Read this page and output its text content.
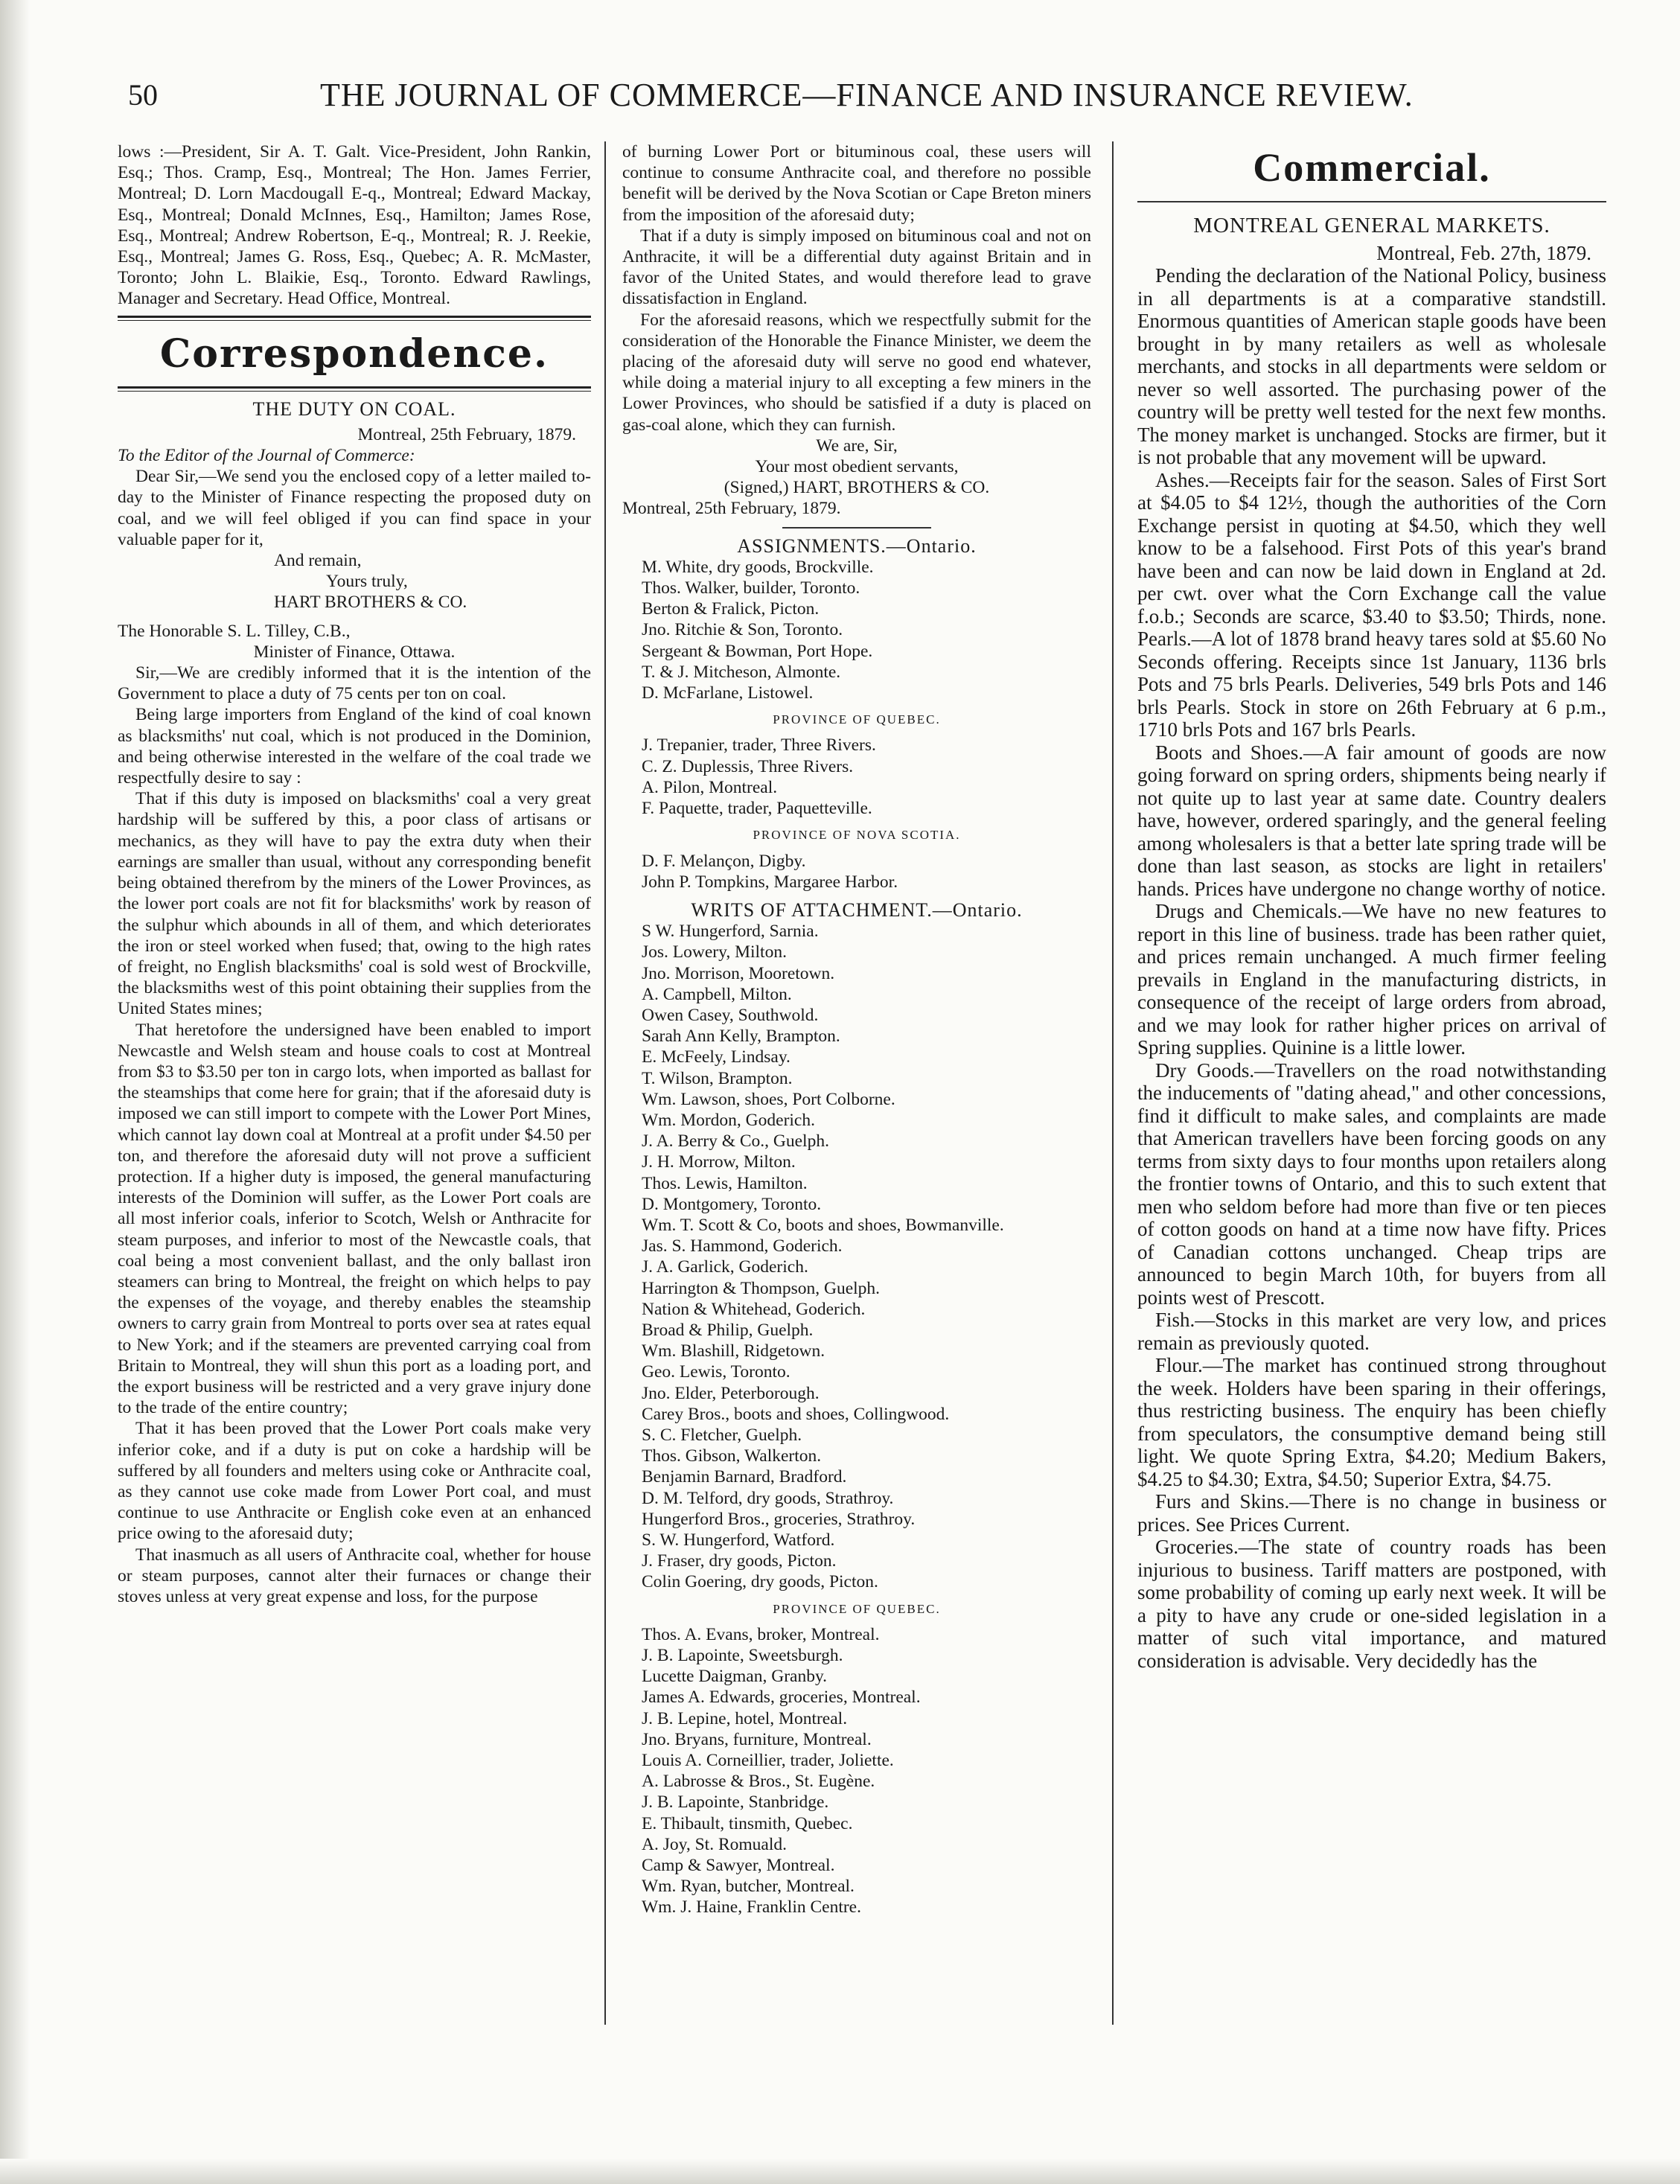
50	THE JOURNAL OF COMMERCE—FINANCE AND INSURANCE REVIEW.

lows :—President, Sir A. T. Galt. Vice-President, John Rankin, Esq.; Thos. Cramp, Esq., Montreal; The Hon. James Ferrier, Montreal; D. Lorn Macdougall E-q., Montreal; Edward Mackay, Esq., Montreal; Donald McInnes, Esq., Hamilton; James Rose, Esq., Montreal; Andrew Robertson, E-q., Montreal; R. J. Reekie, Esq., Montreal; James G. Ross, Esq., Quebec; A. R. McMaster, Toronto; John L. Blaikie, Esq., Toronto. Edward Rawlings, Manager and Secretary. Head Office, Montreal.

Correspondence.
THE DUTY ON COAL.
Montreal, 25th February, 1879.

To the Editor of the Journal of Commerce:

Dear Sir,—We send you the enclosed copy of a letter mailed to-day to the Minister of Finance respecting the proposed duty on coal, and we will feel obliged if you can find space in your valuable paper for it,

And remain,

Yours truly,

HART BROTHERS & CO.

The Honorable S. L. Tilley, C.B.,

Minister of Finance, Ottawa.

Sir,—We are credibly informed that it is the intention of the Government to place a duty of 75 cents per ton on coal.

Being large importers from England of the kind of coal known as blacksmiths' nut coal, which is not produced in the Dominion, and being otherwise interested in the welfare of the coal trade we respectfully desire to say :

That if this duty is imposed on blacksmiths' coal a very great hardship will be suffered by this, a poor class of artisans or mechanics, as they will have to pay the extra duty when their earnings are smaller than usual, without any corresponding benefit being obtained therefrom by the miners of the Lower Provinces, as the lower port coals are not fit for blacksmiths' work by reason of the sulphur which abounds in all of them, and which deteriorates the iron or steel worked when fused; that, owing to the high rates of freight, no English blacksmiths' coal is sold west of Brockville, the blacksmiths west of this point obtaining their supplies from the United States mines;

That heretofore the undersigned have been enabled to import Newcastle and Welsh steam and house coals to cost at Montreal from $3 to $3.50 per ton in cargo lots, when imported as ballast for the steamships that come here for grain; that if the aforesaid duty is imposed we can still import to compete with the Lower Port Mines, which cannot lay down coal at Montreal at a profit under $4.50 per ton, and therefore the aforesaid duty will not prove a sufficient protection. If a higher duty is imposed, the general manufacturing interests of the Dominion will suffer, as the Lower Port coals are all most inferior coals, inferior to Scotch, Welsh or Anthracite for steam purposes, and inferior to most of the Newcastle coals, that coal being a most convenient ballast, and the only ballast iron steamers can bring to Montreal, the freight on which helps to pay the expenses of the voyage, and thereby enables the steamship owners to carry grain from Montreal to ports over sea at rates equal to New York; and if the steamers are prevented carrying coal from Britain to Montreal, they will shun this port as a loading port, and the export business will be restricted and a very grave injury done to the trade of the entire country;

That it has been proved that the Lower Port coals make very inferior coke, and if a duty is put on coke a hardship will be suffered by all founders and melters using coke or Anthracite coal, as they cannot use coke made from Lower Port coal, and must continue to use Anthracite or English coke even at an enhanced price owing to the aforesaid duty;

That inasmuch as all users of Anthracite coal, whether for house or steam purposes, cannot alter their furnaces or change their stoves unless at very great expense and loss, for the purpose

of burning Lower Port or bituminous coal, these users will continue to consume Anthracite coal, and therefore no possible benefit will be derived by the Nova Scotian or Cape Breton miners from the imposition of the aforesaid duty;

That if a duty is simply imposed on bituminous coal and not on Anthracite, it will be a differential duty against Britain and in favor of the United States, and would therefore lead to grave dissatisfaction in England.

For the aforesaid reasons, which we respectfully submit for the consideration of the Honorable the Finance Minister, we deem the placing of the aforesaid duty will serve no good end whatever, while doing a material injury to all excepting a few miners in the Lower Provinces, who should be satisfied if a duty is placed on gas-coal alone, which they can furnish.

We are, Sir,

Your most obedient servants,

(Signed,) HART, BROTHERS & CO.

Montreal, 25th February, 1879.

ASSIGNMENTS.—Ontario.

M. White, dry goods, Brockville.

Thos. Walker, builder, Toronto.

Berton & Fralick, Picton.

Jno. Ritchie & Son, Toronto.

Sergeant & Bowman, Port Hope.

T. & J. Mitcheson, Almonte.

D. McFarlane, Listowel.

PROVINCE OF QUEBEC.

J. Trepanier, trader, Three Rivers.

C. Z. Duplessis, Three Rivers.

A. Pilon, Montreal.

F. Paquette, trader, Paquetteville.

PROVINCE OF NOVA SCOTIA.

D. F. Melançon, Digby.

John P. Tompkins, Margaree Harbor.

WRITS OF ATTACHMENT.—Ontario.

S W. Hungerford, Sarnia.

Jos. Lowery, Milton.

Jno. Morrison, Mooretown.

A. Campbell, Milton.

Owen Casey, Southwold.

Sarah Ann Kelly, Brampton.

E. McFeely, Lindsay.

T. Wilson, Brampton.

Wm. Lawson, shoes, Port Colborne.

Wm. Mordon, Goderich.

J. A. Berry & Co., Guelph.

J. H. Morrow, Milton.

Thos. Lewis, Hamilton.

D. Montgomery, Toronto.

Wm. T. Scott & Co, boots and shoes, Bowmanville.

Jas. S. Hammond, Goderich.

J. A. Garlick, Goderich.

Harrington & Thompson, Guelph.

Nation & Whitehead, Goderich.

Broad & Philip, Guelph.

Wm. Blashill, Ridgetown.

Geo. Lewis, Toronto.

Jno. Elder, Peterborough.

Carey Bros., boots and shoes, Collingwood.

S. C. Fletcher, Guelph.

Thos. Gibson, Walkerton.

Benjamin Barnard, Bradford.

D. M. Telford, dry goods, Strathroy.

Hungerford Bros., groceries, Strathroy.

S. W. Hungerford, Watford.

J. Fraser, dry goods, Picton.

Colin Goering, dry goods, Picton.

PROVINCE OF QUEBEC.

Thos. A. Evans, broker, Montreal.

J. B. Lapointe, Sweetsburgh.

Lucette Daigman, Granby.

James A. Edwards, groceries, Montreal.

J. B. Lepine, hotel, Montreal.

Jno. Bryans, furniture, Montreal.

Louis A. Corneillier, trader, Joliette.

A. Labrosse & Bros., St. Eugène.

J. B. Lapointe, Stanbridge.

E. Thibault, tinsmith, Quebec.

A. Joy, St. Romuald.

Camp & Sawyer, Montreal.

Wm. Ryan, butcher, Montreal.

Wm. J. Haine, Franklin Centre.

Commercial.
MONTREAL GENERAL MARKETS.
Montreal, Feb. 27th, 1879.

Pending the declaration of the National Policy, business in all departments is at a comparative standstill. Enormous quantities of American staple goods have been brought in by many retailers as well as wholesale merchants, and stocks in all departments were seldom or never so well assorted. The purchasing power of the country will be pretty well tested for the next few months. The money market is unchanged. Stocks are firmer, but it is not probable that any movement will be upward.

Ashes.—Receipts fair for the season. Sales of First Sort at $4.05 to $4 12½, though the authorities of the Corn Exchange persist in quoting at $4.50, which they well know to be a falsehood. First Pots of this year's brand have been and can now be laid down in England at 2d. per cwt. over what the Corn Exchange call the value f.o.b.; Seconds are scarce, $3.40 to $3.50; Thirds, none. Pearls.—A lot of 1878 brand heavy tares sold at $5.60 No Seconds offering. Receipts since 1st January, 1136 brls Pots and 75 brls Pearls. Deliveries, 549 brls Pots and 146 brls Pearls. Stock in store on 26th February at 6 p.m., 1710 brls Pots and 167 brls Pearls.

Boots and Shoes.—A fair amount of goods are now going forward on spring orders, shipments being nearly if not quite up to last year at same date. Country dealers have, however, ordered sparingly, and the general feeling among wholesalers is that a better late spring trade will be done than last season, as stocks are light in retailers' hands. Prices have undergone no change worthy of notice.

Drugs and Chemicals.—We have no new features to report in this line of business. trade has been rather quiet, and prices remain unchanged. A much firmer feeling prevails in England in the manufacturing districts, in consequence of the receipt of large orders from abroad, and we may look for rather higher prices on arrival of Spring supplies. Quinine is a little lower.

Dry Goods.—Travellers on the road notwithstanding the inducements of "dating ahead," and other concessions, find it difficult to make sales, and complaints are made that American travellers have been forcing goods on any terms from sixty days to four months upon retailers along the frontier towns of Ontario, and this to such extent that men who seldom before had more than five or ten pieces of cotton goods on hand at a time now have fifty. Prices of Canadian cottons unchanged. Cheap trips are announced to begin March 10th, for buyers from all points west of Prescott.

Fish.—Stocks in this market are very low, and prices remain as previously quoted.

Flour.—The market has continued strong throughout the week. Holders have been sparing in their offerings, thus restricting business. The enquiry has been chiefly from speculators, the consumptive demand being still light. We quote Spring Extra, $4.20; Medium Bakers, $4.25 to $4.30; Extra, $4.50; Superior Extra, $4.75.

Furs and Skins.—There is no change in business or prices. See Prices Current.

Groceries.—The state of country roads has been injurious to business. Tariff matters are postponed, with some probability of coming up early next week. It will be a pity to have any crude or one-sided legislation in a matter of such vital importance, and matured consideration is advisable. Very decidedly has the
